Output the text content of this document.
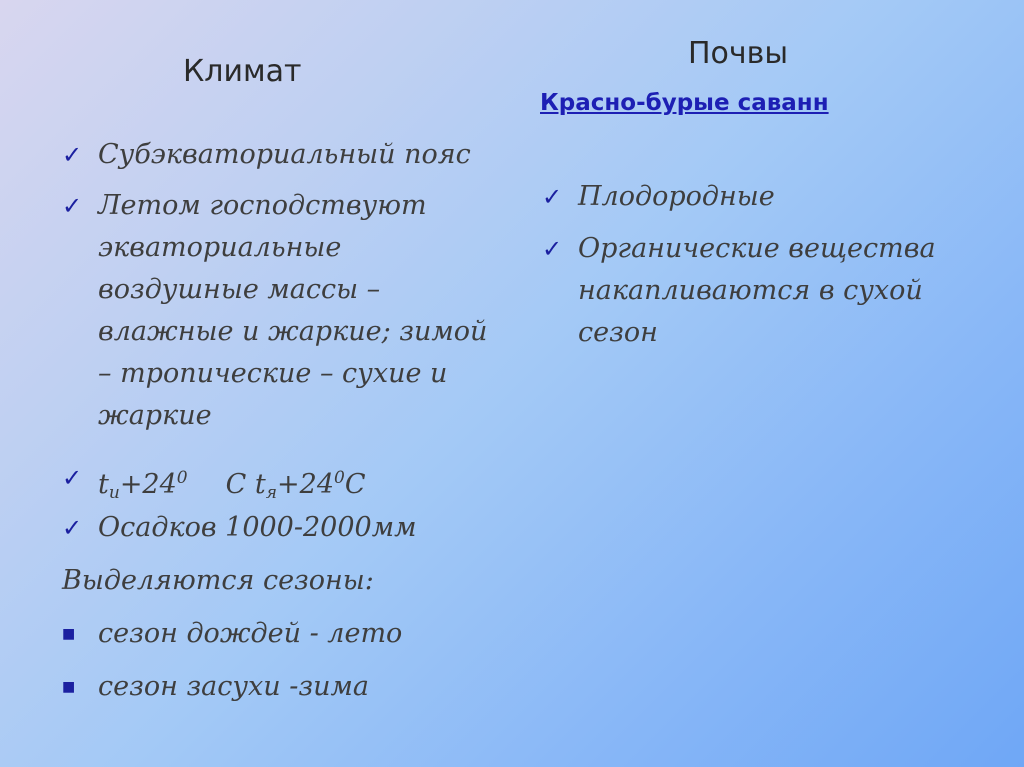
Климат
✓ Субэкваториальный пояс
✓ Летом господствуют экваториальные воздушные массы – влажные и жаркие; зимой – тропические – сухие и жаркие
✓ $t_и+24^0$ С $t_я+24^0С$
✓ Осадков 1000-2000мм
Выделяются сезоны:
■ сезон дождей - лето
■ сезон засухи -зима
Почвы
Красно-бурые саванн
✓ Плодородные
✓ Органические вещества накапливаются в сухой сезон
